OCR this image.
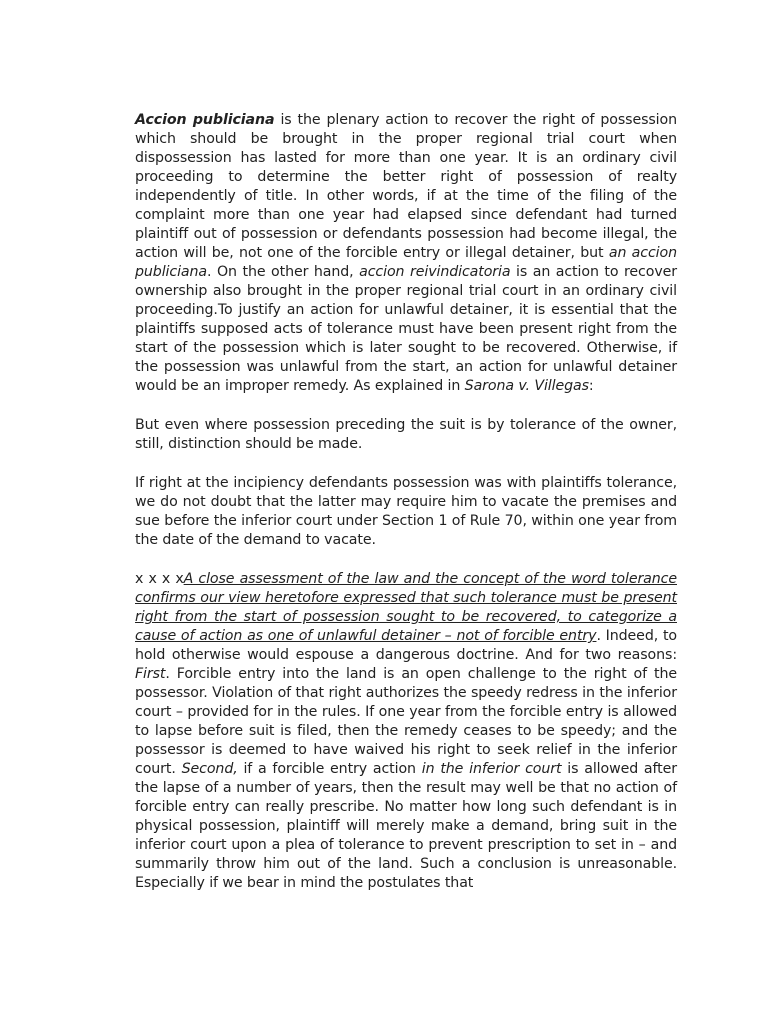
Accion publiciana is the plenary action to recover the right of possession which should be brought in the proper regional trial court when dispossession has lasted for more than one year. It is an ordinary civil proceeding to determine the better right of possession of realty independently of title. In other words, if at the time of the filing of the complaint more than one year had elapsed since defendant had turned plaintiff out of possession or defendants possession had become illegal, the action will be, not one of the forcible entry or illegal detainer, but an accion publiciana. On the other hand, accion reivindicatoria is an action to recover ownership also brought in the proper regional trial court in an ordinary civil proceeding.To justify an action for unlawful detainer, it is essential that the plaintiffs supposed acts of tolerance must have been present right from the start of the possession which is later sought to be recovered. Otherwise, if the possession was unlawful from the start, an action for unlawful detainer would be an improper remedy. As explained in Sarona v. Villegas:

But even where possession preceding the suit is by tolerance of the owner, still, distinction should be made.

If right at the incipiency defendants possession was with plaintiffs tolerance, we do not doubt that the latter may require him to vacate the premises and sue before the inferior court under Section 1 of Rule 70, within one year from the date of the demand to vacate.

x x x xA close assessment of the law and the concept of the word tolerance confirms our view heretofore expressed that such tolerance must be present right from the start of possession sought to be recovered, to categorize a cause of action as one of unlawful detainer – not of forcible entry. Indeed, to hold otherwise would espouse a dangerous doctrine. And for two reasons: First. Forcible entry into the land is an open challenge to the right of the possessor. Violation of that right authorizes the speedy redress in the inferior court – provided for in the rules. If one year from the forcible entry is allowed to lapse before suit is filed, then the remedy ceases to be speedy; and the possessor is deemed to have waived his right to seek relief in the inferior court. Second, if a forcible entry action in the inferior court is allowed after the lapse of a number of years, then the result may well be that no action of forcible entry can really prescribe. No matter how long such defendant is in physical possession, plaintiff will merely make a demand, bring suit in the inferior court upon a plea of tolerance to prevent prescription to set in – and summarily throw him out of the land. Such a conclusion is unreasonable. Especially if we bear in mind the postulates that
